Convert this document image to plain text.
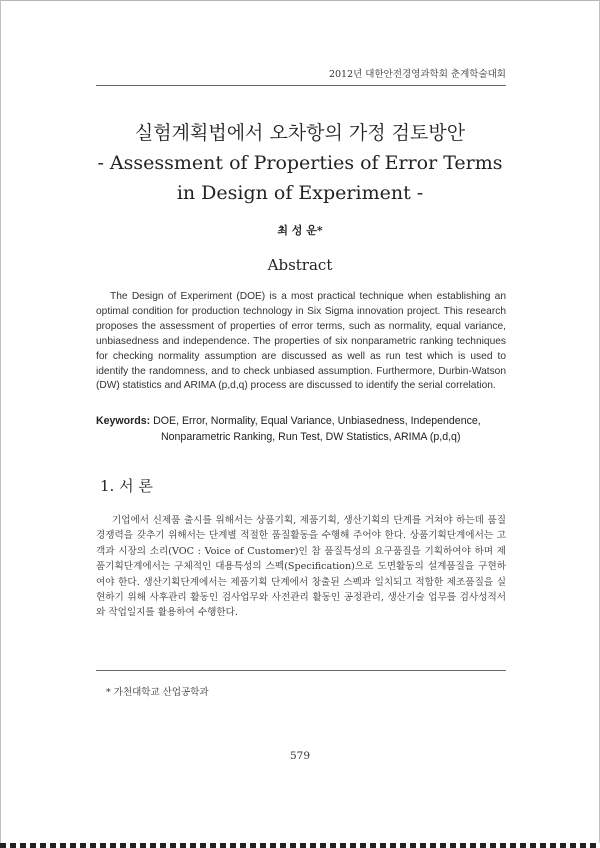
2012년 대한안전경영과학회 춘계학술대회
실험계획법에서 오차항의 가정 검토방안
- Assessment of Properties of Error Terms
in Design of Experiment -
최 성 운*
Abstract
The Design of Experiment (DOE) is a most practical technique when establishing an optimal condition for production technology in Six Sigma innovation project. This research proposes the assessment of properties of error terms, such as normality, equal variance, unbiasedness and independence. The properties of six nonparametric ranking techniques for checking normality assumption are discussed as well as run test which is used to identify the randomness, and to check unbiased assumption. Furthermore, Durbin-Watson (DW) statistics and ARIMA (p,d,q) process are discussed to identify the serial correlation.
Keywords: DOE, Error, Normality, Equal Variance, Unbiasedness, Independence,
Nonparametric Ranking, Run Test, DW Statistics, ARIMA (p,d,q)
1. 서 론
기업에서 신제품 출시를 위해서는 상품기획, 제품기획, 생산기획의 단계를 거쳐야 하는데 품질경쟁력을 갖추기 위해서는 단계별 적절한 품질활동을 수행해 주어야 한다. 상품기획단계에서는 고객과 시장의 소리(VOC : Voice of Customer)인 참 품질특성의 요구품질을 기획하여야 하며 제품기획단계에서는 구체적인 대용특성의 스펙(Specification)으로 도면활동의 설계품질을 구현하여야 한다. 생산기획단계에서는 제품기획 단계에서 창출된 스펙과 일치되고 적합한 제조품질을 실현하기 위해 사후관리 활동인 검사업무와 사전관리 활동인 공정관리, 생산기술 업무를 검사성적서와 작업일지를 활용하여 수행한다.
* 가천대학교 산업공학과
579
